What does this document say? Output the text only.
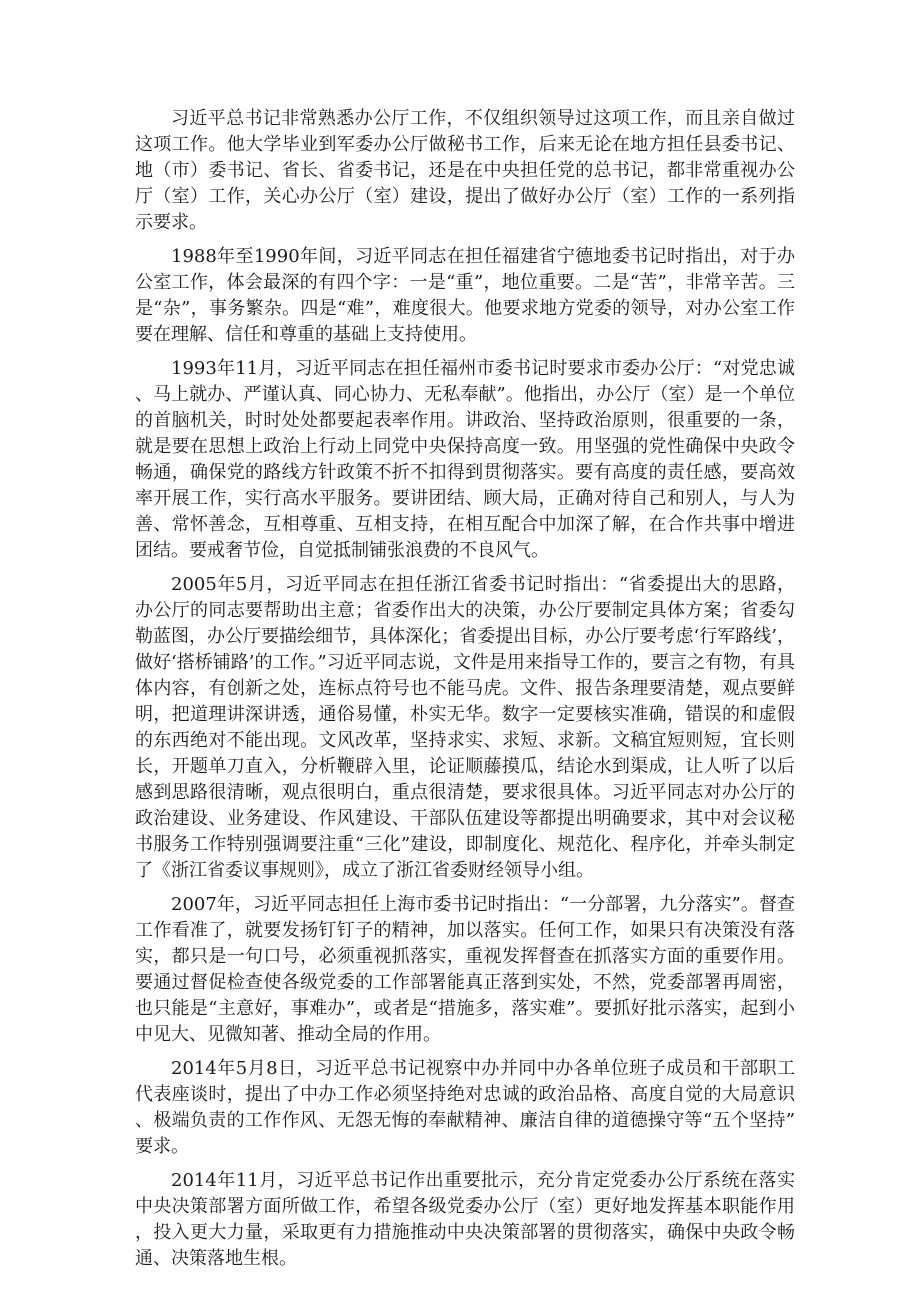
习近平总书记非常熟悉办公厅工作，不仅组织领导过这项工作，而且亲自做过这项工作。他大学毕业到军委办公厅做秘书工作，后来无论在地方担任县委书记、地（市）委书记、省长、省委书记，还是在中央担任党的总书记，都非常重视办公厅（室）工作，关心办公厅（室）建设，提出了做好办公厅（室）工作的一系列指示要求。

1988年至1990年间，习近平同志在担任福建省宁德地委书记时指出，对于办公室工作，体会最深的有四个字：一是“重”，地位重要。二是“苦”，非常辛苦。三是“杂”，事务繁杂。四是“难”，难度很大。他要求地方党委的领导，对办公室工作要在理解、信任和尊重的基础上支持使用。

1993年11月，习近平同志在担任福州市委书记时要求市委办公厅：“对党忠诚、马上就办、严谨认真、同心协力、无私奉献”。他指出，办公厅（室）是一个单位的首脑机关，时时处处都要起表率作用。讲政治、坚持政治原则，很重要的一条，就是要在思想上政治上行动上同党中央保持高度一致。用坚强的党性确保中央政令畅通，确保党的路线方针政策不折不扣得到贯彻落实。要有高度的责任感，要高效率开展工作，实行高水平服务。要讲团结、顾大局，正确对待自己和别人，与人为善、常怀善念，互相尊重、互相支持，在相互配合中加深了解，在合作共事中增进团结。要戒奢节俭，自觉抵制铺张浪费的不良风气。

2005年5月，习近平同志在担任浙江省委书记时指出：“省委提出大的思路，办公厅的同志要帮助出主意；省委作出大的决策，办公厅要制定具体方案；省委勾勒蓝图，办公厅要描绘细节，具体深化；省委提出目标，办公厅要考虑‘行军路线’，做好‘搭桥铺路’的工作。”习近平同志说，文件是用来指导工作的，要言之有物，有具体内容，有创新之处，连标点符号也不能马虎。文件、报告条理要清楚，观点要鲜明，把道理讲深讲透，通俗易懂，朴实无华。数字一定要核实准确，错误的和虚假的东西绝对不能出现。文风改革，坚持求实、求短、求新。文稿宜短则短，宜长则长，开题单刀直入，分析鞭辟入里，论证顺藤摸瓜，结论水到渠成，让人听了以后感到思路很清晰，观点很明白，重点很清楚，要求很具体。习近平同志对办公厅的政治建设、业务建设、作风建设、干部队伍建设等都提出明确要求，其中对会议秘书服务工作特别强调要注重“三化”建设，即制度化、规范化、程序化，并牵头制定了《浙江省委议事规则》，成立了浙江省委财经领导小组。

2007年，习近平同志担任上海市委书记时指出：“一分部署，九分落实”。督查工作看准了，就要发扬钉钉子的精神，加以落实。任何工作，如果只有决策没有落实，都只是一句口号，必须重视抓落实，重视发挥督查在抓落实方面的重要作用。要通过督促检查使各级党委的工作部署能真正落到实处，不然，党委部署再周密，也只能是“主意好，事难办”，或者是“措施多，落实难”。要抓好批示落实，起到小中见大、见微知著、推动全局的作用。

2014年5月8日，习近平总书记视察中办并同中办各单位班子成员和干部职工代表座谈时，提出了中办工作必须坚持绝对忠诚的政治品格、高度自觉的大局意识、极端负责的工作作风、无怨无悔的奉献精神、廉洁自律的道德操守等“五个坚持”要求。

2014年11月，习近平总书记作出重要批示，充分肯定党委办公厅系统在落实中央决策部署方面所做工作，希望各级党委办公厅（室）更好地发挥基本职能作用，投入更大力量，采取更有力措施推动中央决策部署的贯彻落实，确保中央政令畅通、决策落地生根。
